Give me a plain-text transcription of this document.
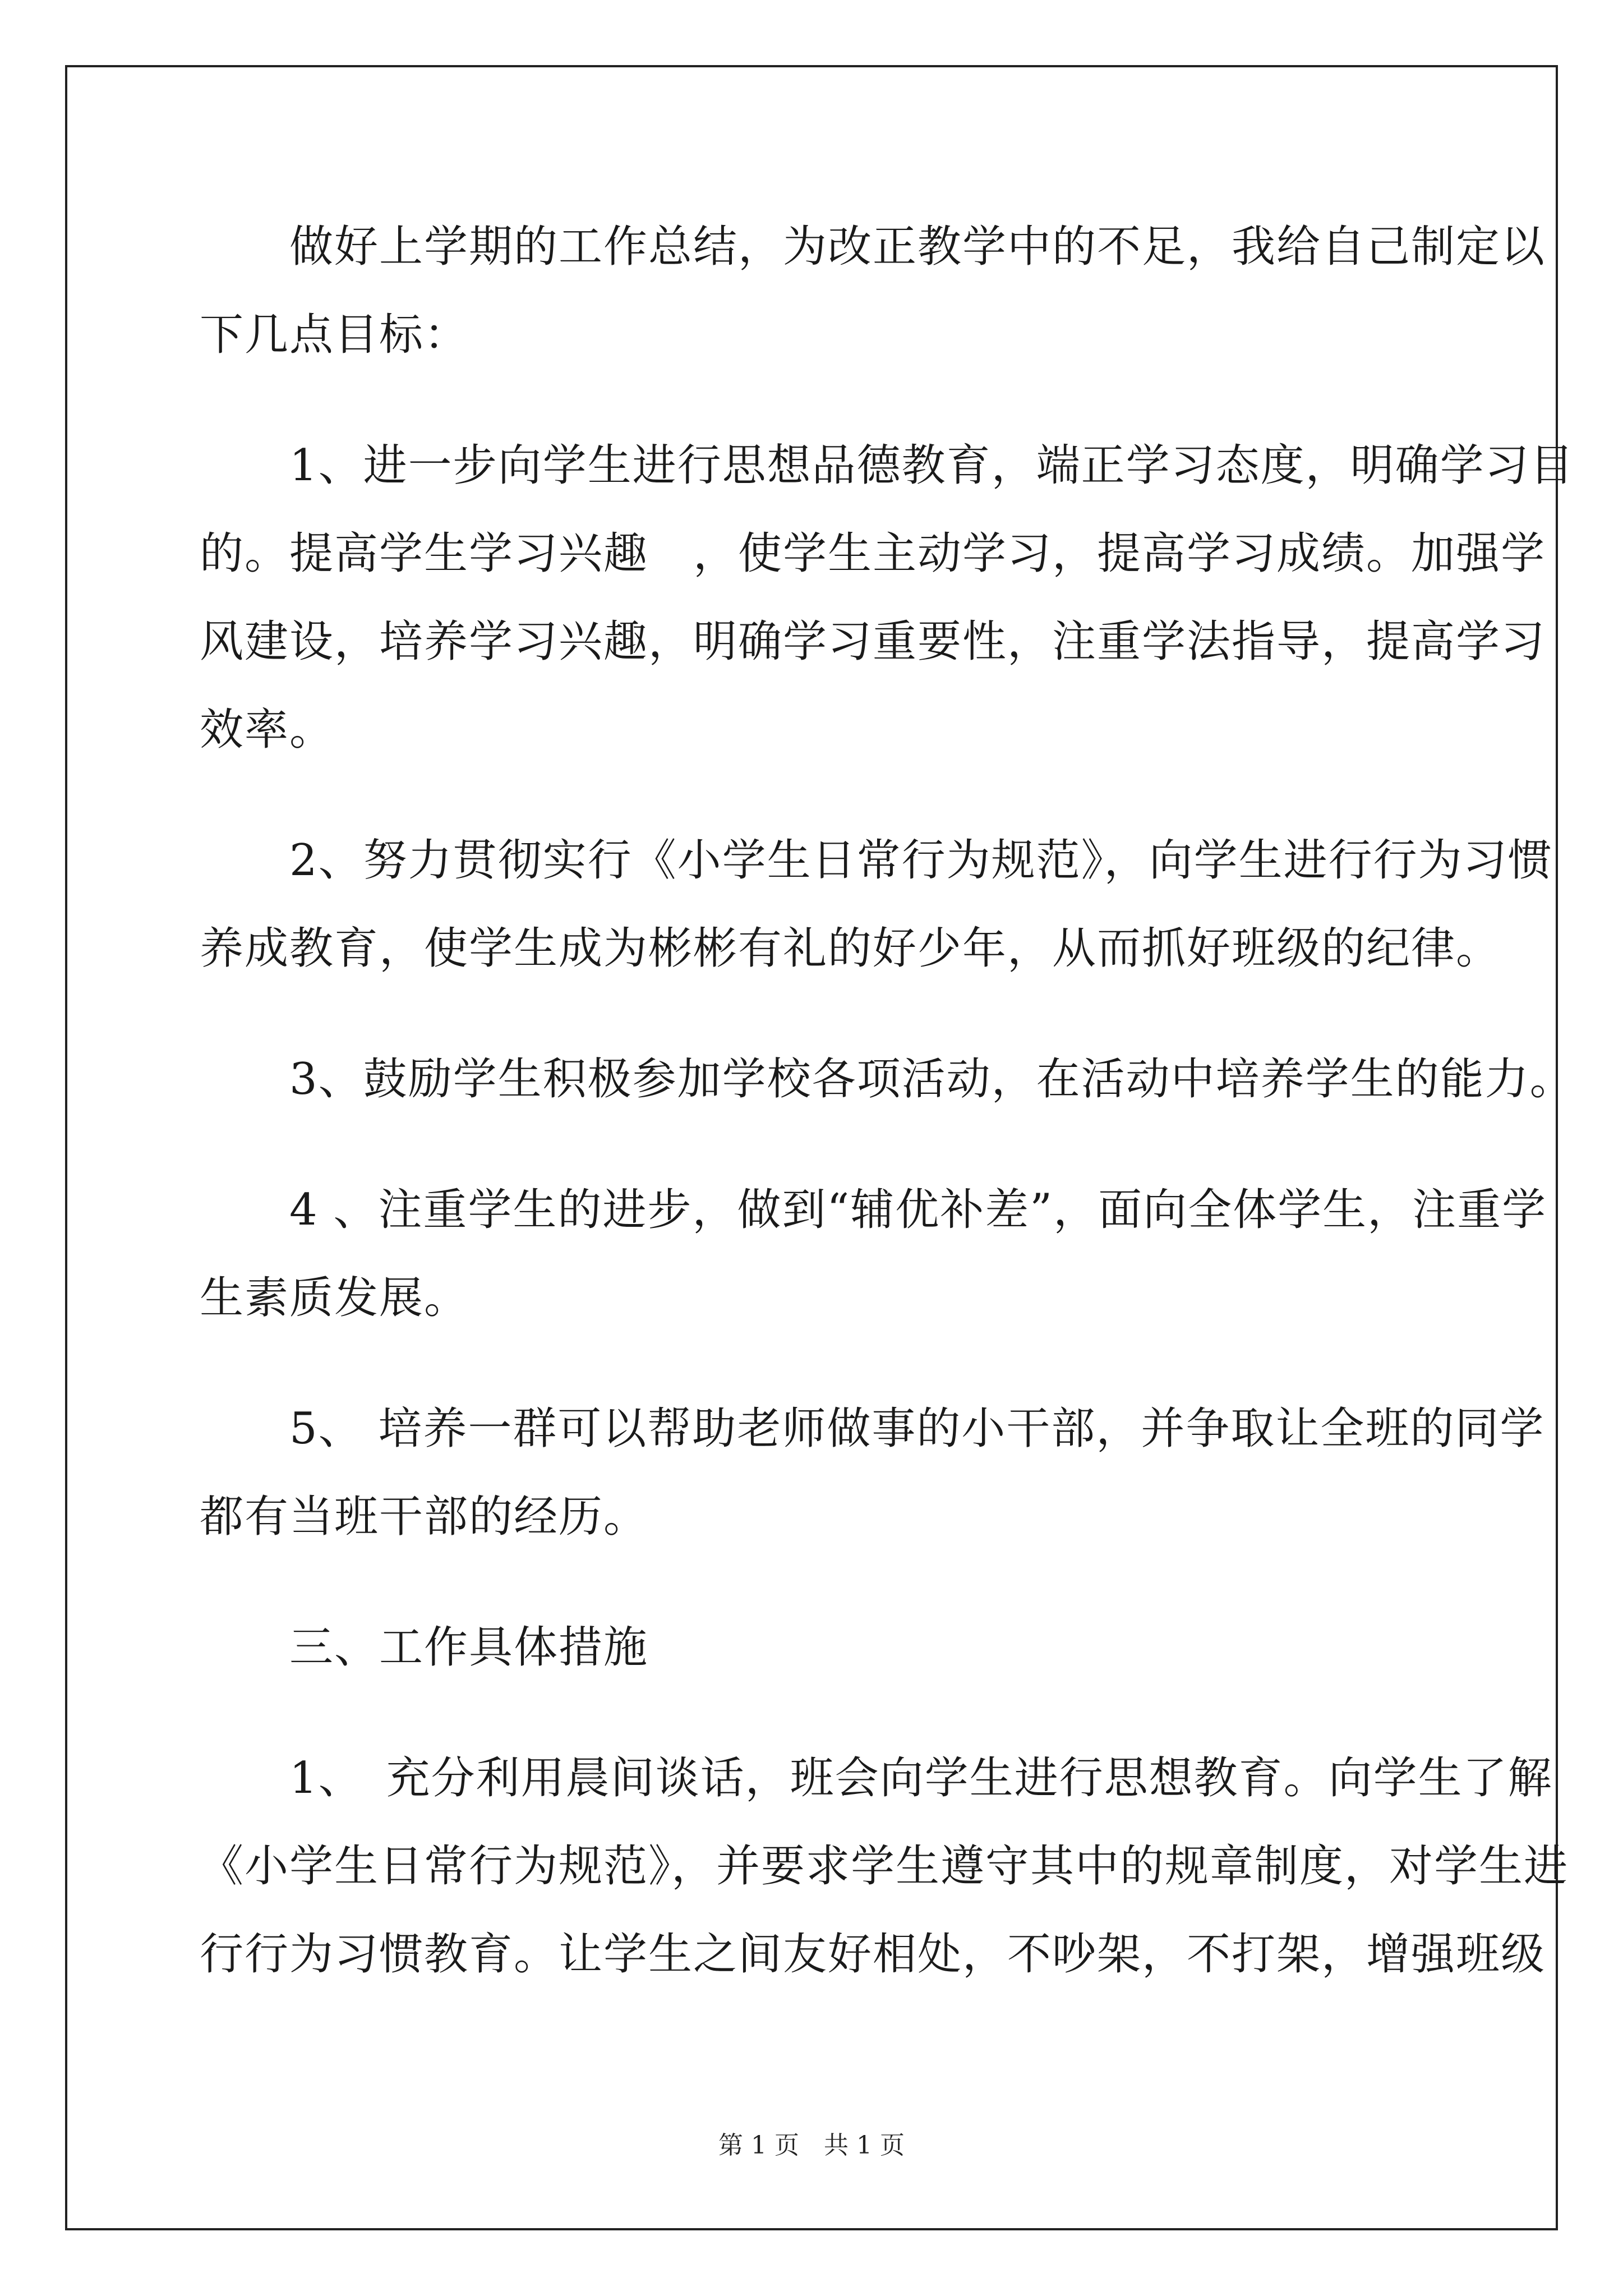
　　做好上学期的工作总结，为改正教学中的不足，我给自己制定以
下几点目标：
　　1、进一步向学生进行思想品德教育，端正学习态度，明确学习目
的。提高学生学习兴趣　，使学生主动学习，提高学习成绩。加强学
风建设，培养学习兴趣，明确学习重要性，注重学法指导，提高学习
效率。
　　2、努力贯彻实行《小学生日常行为规范》，向学生进行行为习惯
养成教育，使学生成为彬彬有礼的好少年，从而抓好班级的纪律。
　　3、鼓励学生积极参加学校各项活动，在活动中培养学生的能力。
　　4 、注重学生的进步，做到“辅优补差”，面向全体学生，注重学
生素质发展。
　　5、 培养一群可以帮助老师做事的小干部，并争取让全班的同学
都有当班干部的经历。
　　三、工作具体措施
　　1、　充分利用晨间谈话，班会向学生进行思想教育。向学生了解
《小学生日常行为规范》，并要求学生遵守其中的规章制度，对学生进
行行为习惯教育。让学生之间友好相处，不吵架，不打架，增强班级
第 1 页　共 1 页
